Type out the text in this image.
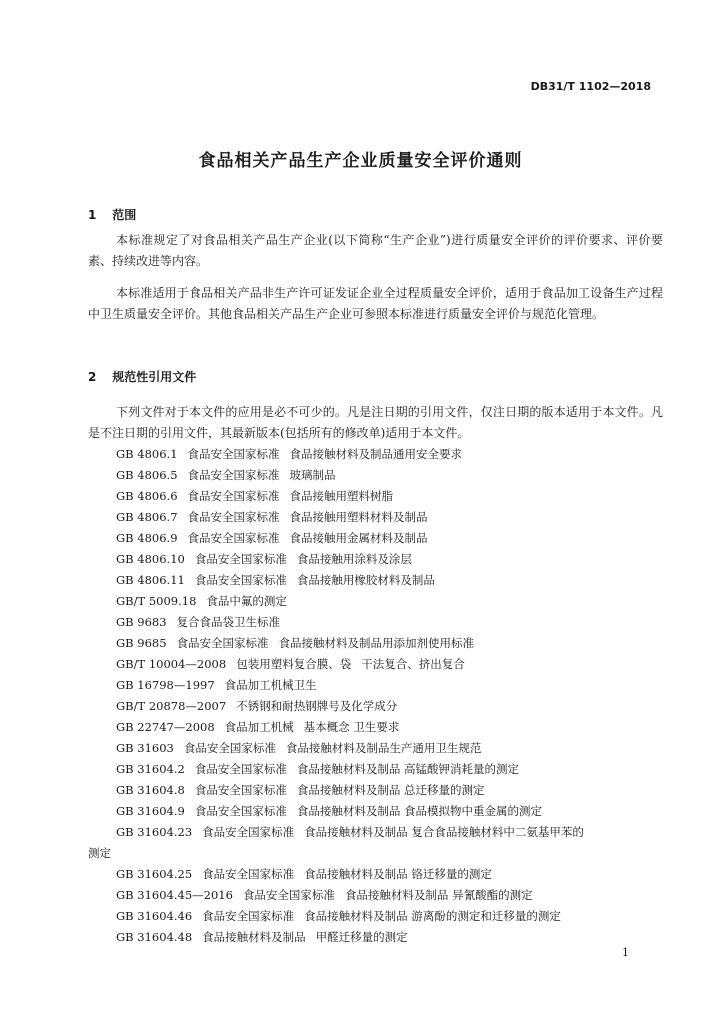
DB31/T 1102—2018
食品相关产品生产企业质量安全评价通则
1 范围

本标准规定了对食品相关产品生产企业(以下简称“生产企业”)进行质量安全评价的评价要求、评价要素、持续改进等内容。

本标准适用于食品相关产品非生产许可证发证企业全过程质量安全评价，适用于食品加工设备生产过程中卫生质量安全评价。其他食品相关产品生产企业可参照本标准进行质量安全评价与规范化管理。

2 规范性引用文件

下列文件对于本文件的应用是必不可少的。凡是注日期的引用文件，仅注日期的版本适用于本文件。凡是不注日期的引用文件，其最新版本(包括所有的修改单)适用于本文件。

GB 4806.1 食品安全国家标准 食品接触材料及制品通用安全要求
GB 4806.5 食品安全国家标准 玻璃制品
GB 4806.6 食品安全国家标准 食品接触用塑料树脂
GB 4806.7 食品安全国家标准 食品接触用塑料材料及制品
GB 4806.9 食品安全国家标准 食品接触用金属材料及制品
GB 4806.10 食品安全国家标准 食品接触用涂料及涂层
GB 4806.11 食品安全国家标准 食品接触用橡胶材料及制品
GB/T 5009.18 食品中氟的测定
GB 9683 复合食品袋卫生标准
GB 9685 食品安全国家标准 食品接触材料及制品用添加剂使用标准
GB/T 10004—2008 包装用塑料复合膜、袋 干法复合、挤出复合
GB 16798—1997 食品加工机械卫生
GB/T 20878—2007 不锈钢和耐热钢牌号及化学成分
GB 22747—2008 食品加工机械 基本概念 卫生要求
GB 31603 食品安全国家标准 食品接触材料及制品生产通用卫生规范
GB 31604.2 食品安全国家标准 食品接触材料及制品 高锰酸钾消耗量的测定
GB 31604.8 食品安全国家标准 食品接触材料及制品 总迁移量的测定
GB 31604.9 食品安全国家标准 食品接触材料及制品 食品模拟物中重金属的测定
GB 31604.23 食品安全国家标准 食品接触材料及制品 复合食品接触材料中二氨基甲苯的
测定
GB 31604.25 食品安全国家标准 食品接触材料及制品 铬迁移量的测定
GB 31604.45—2016 食品安全国家标准 食品接触材料及制品 异氰酸酯的测定
GB 31604.46 食品安全国家标准 食品接触材料及制品 游离酚的测定和迁移量的测定
GB 31604.48 食品接触材料及制品 甲醛迁移量的测定
1
